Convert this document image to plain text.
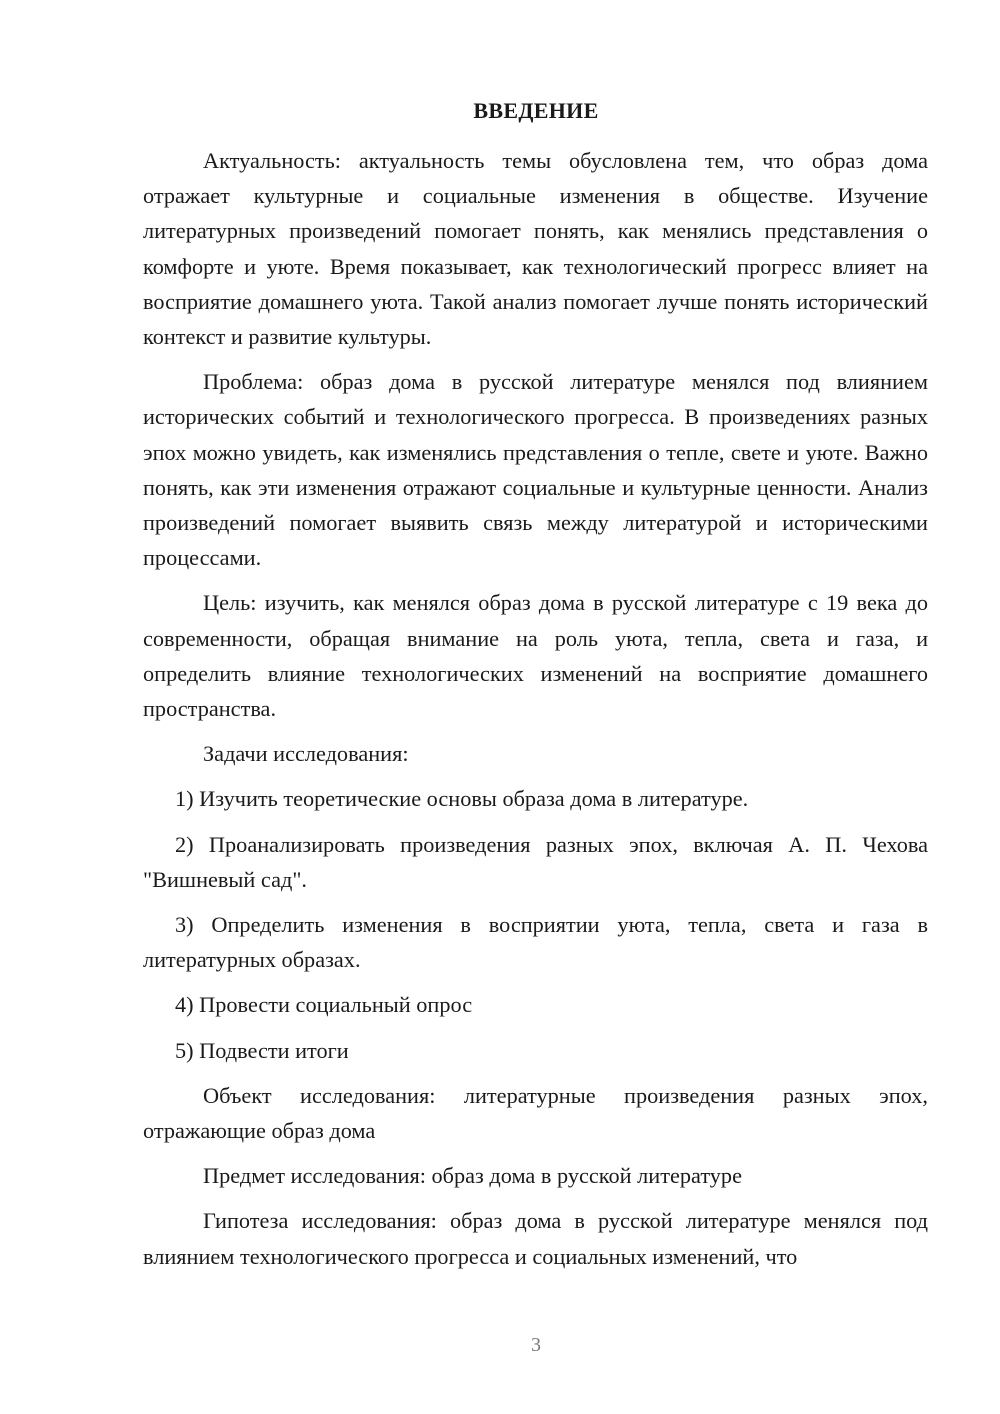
ВВЕДЕНИЕ

Актуальность: актуальность темы обусловлена тем, что образ дома отражает культурные и социальные изменения в обществе. Изучение литературных произведений помогает понять, как менялись представления о комфорте и уюте. Время показывает, как технологический прогресс влияет на восприятие домашнего уюта. Такой анализ помогает лучше понять исторический контекст и развитие культуры.

Проблема: образ дома в русской литературе менялся под влиянием исторических событий и технологического прогресса. В произведениях разных эпох можно увидеть, как изменялись представления о тепле, свете и уюте. Важно понять, как эти изменения отражают социальные и культурные ценности. Анализ произведений помогает выявить связь между литературой и историческими процессами.

Цель: изучить, как менялся образ дома в русской литературе с 19 века до современности, обращая внимание на роль уюта, тепла, света и газа, и определить влияние технологических изменений на восприятие домашнего пространства.

Задачи исследования:

1) Изучить теоретические основы образа дома в литературе.

2) Проанализировать произведения разных эпох, включая А. П. Чехова "Вишневый сад".

3) Определить изменения в восприятии уюта, тепла, света и газа в литературных образах.

4) Провести социальный опрос

5) Подвести итоги

Объект исследования: литературные произведения разных эпох, отражающие образ дома

Предмет исследования: образ дома в русской литературе

Гипотеза исследования: образ дома в русской литературе менялся под влиянием технологического прогресса и социальных изменений, что

3
